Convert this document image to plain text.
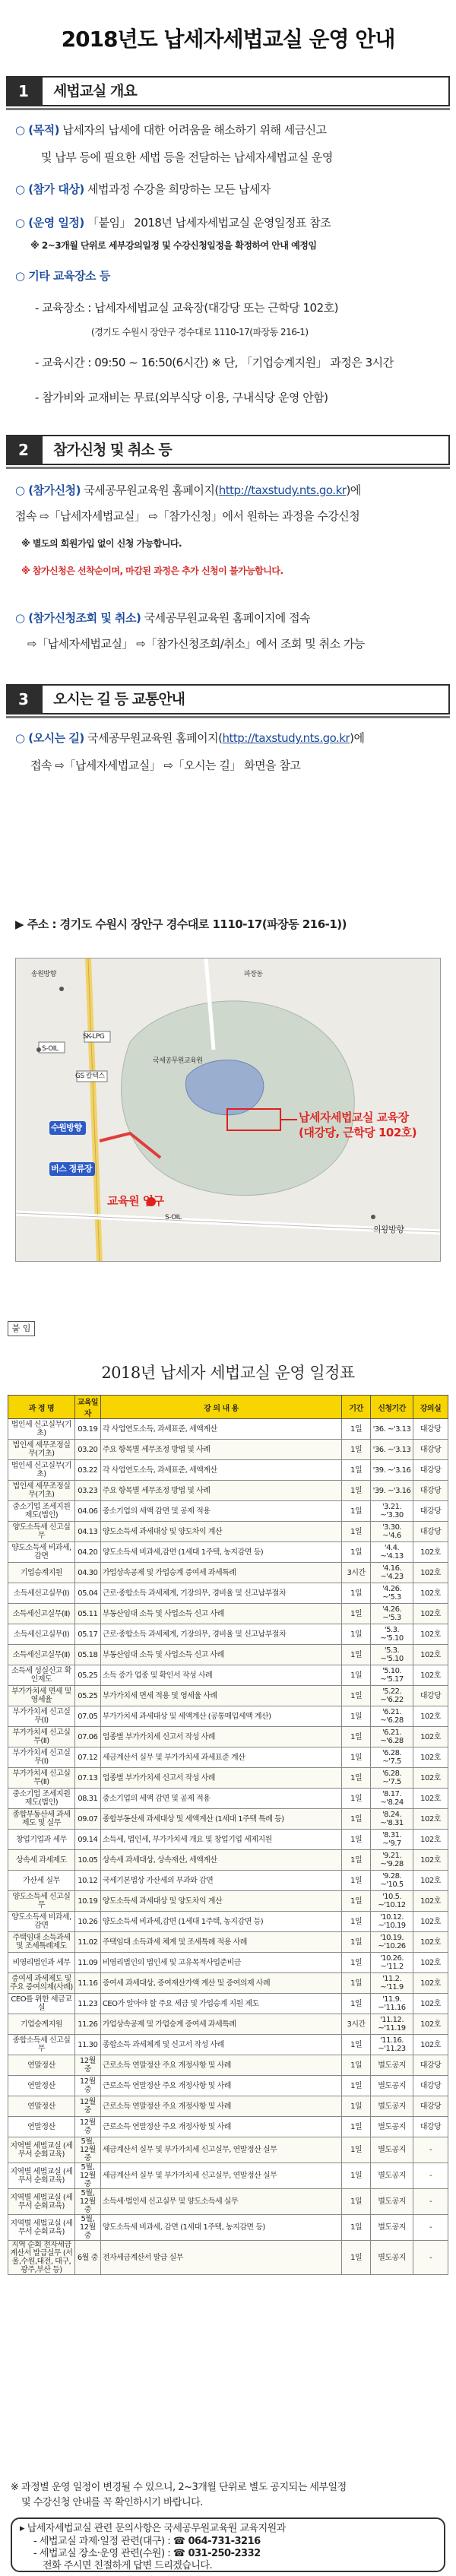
2018년도 납세자세법교실 운영 안내
1	세법교실 개요
○ (목적) 납세자의 납세에 대한 어려움을 해소하기 위해 세금신고
및 납부 등에 필요한 세법 등을 전달하는 납세자세법교실 운영
○ (참가 대상) 세법과정 수강을 희망하는 모든 납세자
○ (운영 일정) 「붙임」 2018년 납세자세법교실 운영일정표 참조
※ 2~3개월 단위로 세부강의일정 및 수강신청일정을 확정하여 안내 예정임
○ 기타 교육장소 등
- 교육장소 : 납세자세법교실 교육장(대강당 또는 근학당 102호)
(경기도 수원시 장안구 경수대로 1110-17(파장동 216-1)
- 교육시간 : 09:50 ~ 16:50(6시간) ※ 단, 「기업승계지원」 과정은 3시간
- 참가비와 교재비는 무료(외부식당 이용, 구내식당 운영 안함)
2	참가신청 및 취소 등
○ (참가신청) 국세공무원교육원 홈페이지(http://taxstudy.nts.go.kr)에
접속 ⇨「납세자세법교실」 ⇨「참가신청」에서 원하는 과정을 수강신청
※ 별도의 회원가입 없이 신청 가능합니다.
※ 참가신청은 선착순이며, 마감된 과정은 추가 신청이 불가능합니다.
○ (참가신청조회 및 취소) 국세공무원교육원 홈페이지에 접속
⇨「납세자세법교실」 ⇨「참가신청조회/취소」에서 조회 및 취소 가능
3	오시는 길 등 교통안내
○ (오시는 길) 국세공무원교육원 홈페이지(http://taxstudy.nts.go.kr)에
접속 ⇨「납세자세법교실」 ⇨「오시는 길」 화면을 참고
▶ 주소 : 경기도 수원시 장안구 경수대로 1110-17(파장동 216-1))
납세자세법교실 교육장
(대강당, 근학당 102호)
교육원 입구
수원방향
의왕방향
버스 정류장
SK-LPG
GS 칼텍스
S-OIL
송원방향	파장동
국세공무원교육원
S-OIL
붙 임
2018년 납세자 세법교실 운영 일정표
과 정 명	교육일자	강 의 내 용	기간	신청기간	강의실
법인세 신고실무(기초)	03.19	각 사업연도소득, 과세표준, 세액계산	1일	'36. ~'3.13	대강당
법인세 세무조정실무(기초)	03.20	주요 항목별 세무조정 방법 및 사례	1일	'36. ~'3.13	대강당
법인세 신고실무(기초)	03.22	각 사업연도소득, 과세표준, 세액계산	1일	'39. ~'3.16	대강당
법인세 세무조정실무(기초)	03.23	주요 항목별 세무조정 방법 및 사례	1일	'39. ~'3.16	대강당
중소기업 조세지원제도(법인)	04.06	중소기업의 세액 감면 및 공제 적용	1일	'3.21. ~'3.30	대강당
양도소득세 신고실무	04.13	양도소득세 과세대상 및 양도차익 계산	1일	'3.30. ~'4.6	대강당
양도소득세 비과세, 감면	04.20	양도소득세 비과세,감면 (1세대 1주택, 농지감면 등)	1일	'4.4. ~'4.13	102호
기업승계지원	04.30	가업상속공제 및 가업승계 증여세 과세특례	3시간	'4.16. ~'4.23	102호
소득세신고실무(Ⅰ)	05.04	근로·종합소득 과세체계, 기장의무, 경비율 및 신고납부절차	1일	'4.26. ~'5.3	102호
소득세신고실무(Ⅱ)	05.11	부동산임대 소득 및 사업소득 신고 사례	1일	'4.26. ~'5.3	102호
소득세신고실무(Ⅰ)	05.17	근로·종합소득 과세체계, 기장의무, 경비율 및 신고납부절차	1일	'5.3. ~'5.10	102호
소득세신고실무(Ⅱ)	05.18	부동산임대 소득 및 사업소득 신고 사례	1일	'5.3. ~'5.10	102호
소득세 성실신고 확인제도	05.25	소득 증가 업종 및 확인서 작성 사례	1일	'5.10. ~'5.17	102호
부가가치세 면세 및 영세율	05.25	부가가치세 면세 적용 및 영세율 사례	1일	'5.22. ~'6.22	대강당
부가가치세 신고실무(Ⅰ)	07.05	부가가치세 과세대상 및 세액계산 (공통매입세액 계산)	1일	'6.21. ~'6.28	102호
부가가치세 신고실무(Ⅱ)	07.06	업종별 부가가치세 신고서 작성 사례	1일	'6.21. ~'6.28	102호
부가가치세 신고실무(Ⅰ)	07.12	세금계산서 실무 및 부가가치세 과세표준 계산	1일	'6.28. ~'7.5	102호
부가가치세 신고실무(Ⅱ)	07.13	업종별 부가가치세 신고서 작성 사례	1일	'6.28. ~'7.5	102호
중소기업 조세지원제도(법인)	08.31	중소기업의 세액 감면 및 공제 적용	1일	'8.17. ~'8.24	102호
종합부동산세 과세제도 및 실무	09.07	종합부동산세 과세대상 및 세액계산 (1세대 1주택 특례 등)	1일	'8.24. ~'8.31	102호
창업기업과 세무	09.14	소득세, 법인세, 부가가치세 개요 및 창업기업 세제지원	1일	'8.31. ~'9.7	102호
상속세 과세제도	10.05	상속세 과세대상, 상속재산, 세액계산	1일	'9.21. ~'9.28	102호
가산세 실무	10.12	국세기본법상 가산세의 부과와 감면	1일	'9.28. ~'10.5	102호
양도소득세 신고실무	10.19	양도소득세 과세대상 및 양도차익 계산	1일	'10.5. ~'10.12	102호
양도소득세 비과세, 감면	10.26	양도소득세 비과세,감면 (1세대 1주택, 농지감면 등)	1일	'10.12. ~'10.19	102호
주택임대 소득과세 및 조세특례제도	11.02	주택임대 소득과세 체계 및 조세특례 적용 사례	1일	'10.19. ~'10.26	102호
비영리법인과 세무	11.09	비영리법인의 법인세 및 고유목적사업준비금	1일	'10.26. ~'11.2	102호
증여세 과세제도 및 주요 증여의제(사례)	11.16	증여세 과세대상, 증여재산가액 계산 및 증여의제 사례	1일	'11.2. ~'11.9	102호
CEO를 위한 세금교실	11.23	CEO가 알아야 할 주요 세금 및 가업승계 지원 제도	1일	'11.9. ~'11.16	102호
기업승계지원	11.26	가업상속공제 및 가업승계 증여세 과세특례	3시간	'11.12. ~'11.19	102호
종합소득세 신고실무	11.30	종합소득 과세체계 및 신고서 작성 사례	1일	'11.16. ~'11.23	102호
연말정산	12월 중	근로소득 연말정산 주요 개정사항 및 사례	1일	별도공지	대강당
연말정산	12월 중	근로소득 연말정산 주요 개정사항 및 사례	1일	별도공지	대강당
연말정산	12월 중	근로소득 연말정산 주요 개정사항 및 사례	1일	별도공지	대강당
연말정산	12월 중	근로소득 연말정산 주요 개정사항 및 사례	1일	별도공지	대강당
지역별 세법교실 (세무서 순회교육)	5월, 12월 중	세금계산서 실무 및 부가가치세 신고실무, 연말정산 실무	1일	별도공지	-
지역별 세법교실 (세무서 순회교육)	5월, 12월 중	세금계산서 실무 및 부가가치세 신고실무, 연말정산 실무	1일	별도공지	-
지역별 세법교실 (세무서 순회교육)	5월, 12월 중	소득세·법인세 신고실무 및 양도소득세 실무	1일	별도공지	-
지역별 세법교실 (세무서 순회교육)	5월, 12월 중	양도소득세 비과세, 감면 (1세대 1주택, 농지감면 등)	1일	별도공지	-
지역 순회 전자세금계산서 발급실무 (서울,수원,대전, 대구,광주,부산 등)	6월 중	전자세금계산서 발급 실무	1일	별도공지	-
※ 과정별 운영 일정이 변경될 수 있으니, 2~3개월 단위로 별도 공지되는 세부일정
및 수강신청 안내를 꼭 확인하시기 바랍니다.
▸ 납세자세법교실 관련 문의사항은 국세공무원교육원 교육지원과
- 세법교실 과제·일정 관련(대구) : ☎ 064-731-3216
- 세법교실 장소·운영 관련(수원) : ☎ 031-250-2332
전화 주시면 친절하게 답변 드리겠습니다.
